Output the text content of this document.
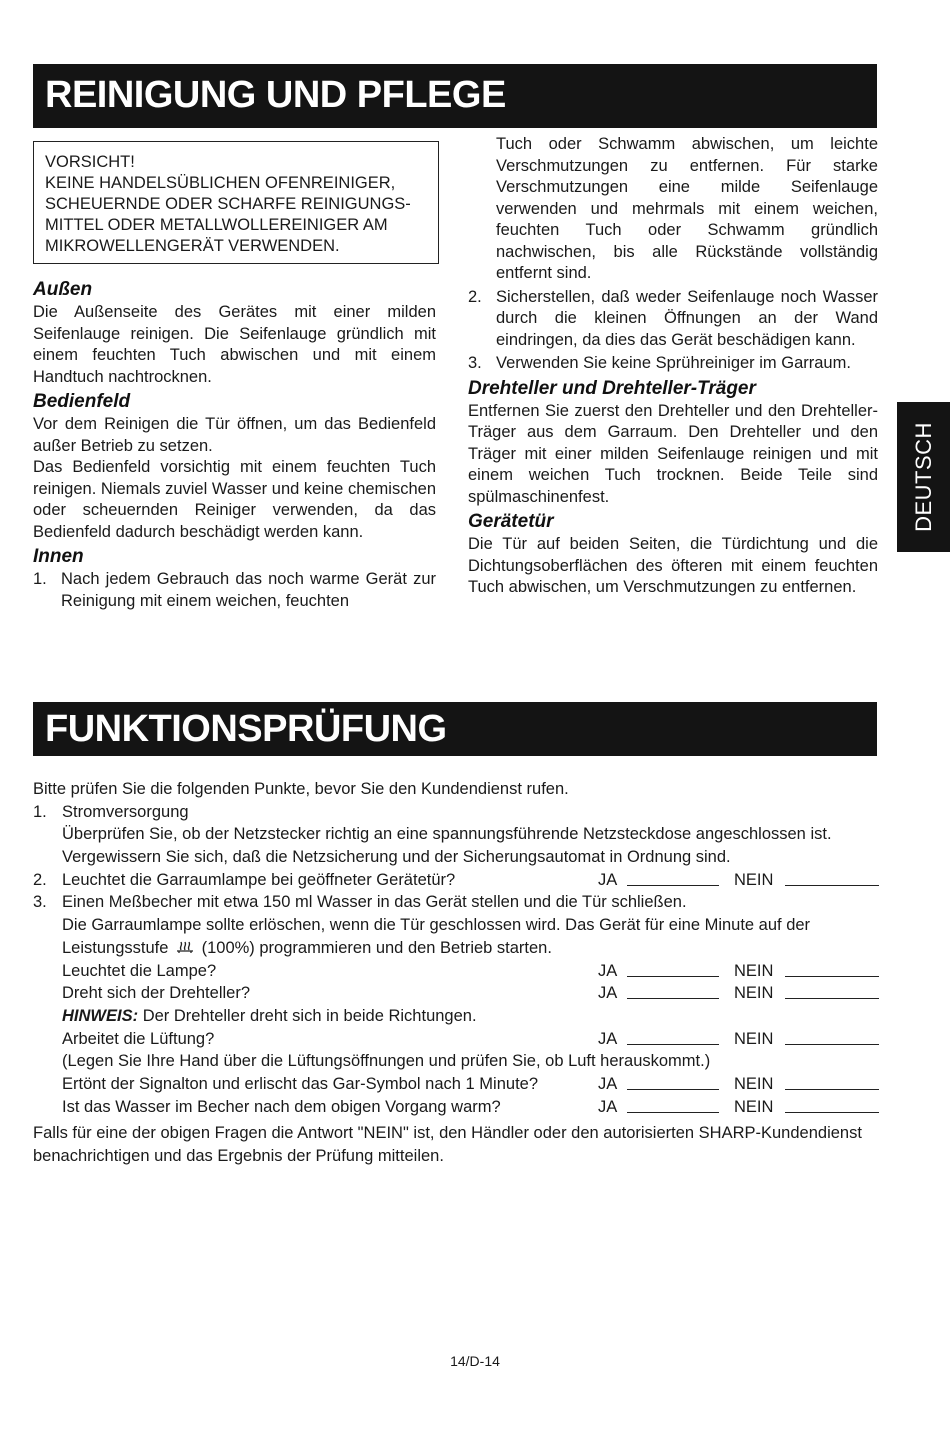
REINIGUNG UND PFLEGE
VORSICHT!
KEINE HANDELSÜBLICHEN OFENREINIGER,
SCHEUERNDE ODER SCHARFE REINIGUNGS-
MITTEL ODER METALLWOLLEREINIGER AM
MIKROWELLENGERÄT VERWENDEN.
Außen
Die Außenseite des Gerätes mit einer milden Seifenlauge reinigen. Die Seifenlauge gründlich mit einem feuchten Tuch abwischen und mit einem Handtuch nachtrocknen.
Bedienfeld
Vor dem Reinigen die Tür öffnen, um das Bedienfeld außer Betrieb zu setzen.
Das Bedienfeld vorsichtig mit einem feuchten Tuch reinigen. Niemals zuviel Wasser und keine chemischen oder scheuernden Reiniger verwenden, da das Bedienfeld dadurch beschädigt werden kann.
Innen
1. Nach jedem Gebrauch das noch warme Gerät zur Reinigung mit einem weichen, feuchten
Tuch oder Schwamm abwischen, um leichte Verschmutzungen zu entfernen. Für starke Verschmutzungen eine milde Seifenlauge verwenden und mehrmals mit einem weichen, feuchten Tuch oder Schwamm gründlich nachwischen, bis alle Rückstände vollständig entfernt sind.
2. Sicherstellen, daß weder Seifenlauge noch Wasser durch die kleinen Öffnungen an der Wand eindringen, da dies das Gerät beschädigen kann.
3. Verwenden Sie keine Sprühreiniger im Garraum.
Drehteller und Drehteller-Träger
Entfernen Sie zuerst den Drehteller und den Drehteller-Träger aus dem Garraum. Den Drehteller und den Träger mit einer milden Seifenlauge reinigen und mit einem weichen Tuch trocknen. Beide Teile sind spülmaschinenfest.
Gerätetür
Die Tür auf beiden Seiten, die Türdichtung und die Dichtungsoberflächen des öfteren mit einem feuchten Tuch abwischen, um Verschmutzungen zu entfernen.
DEUTSCH
FUNKTIONSPRÜFUNG
Bitte prüfen Sie die folgenden Punkte, bevor Sie den Kundendienst rufen.
1. Stromversorgung
Überprüfen Sie, ob der Netzstecker richtig an eine spannungsführende Netzsteckdose angeschlossen ist.
Vergewissern Sie sich, daß die Netzsicherung und der Sicherungsautomat in Ordnung sind.
2. Leuchtet die Garraumlampe bei geöffneter Gerätetür?	JA	NEIN
3. Einen Meßbecher mit etwa 150 ml Wasser in das Gerät stellen und die Tür schließen.
Die Garraumlampe sollte erlöschen, wenn die Tür geschlossen wird. Das Gerät für eine Minute auf der
Leistungsstufe (100%) programmieren und den Betrieb starten.
Leuchtet die Lampe?	JA	NEIN
Dreht sich der Drehteller?	JA	NEIN
HINWEIS: Der Drehteller dreht sich in beide Richtungen.
Arbeitet die Lüftung?	JA	NEIN
(Legen Sie Ihre Hand über die Lüftungsöffnungen und prüfen Sie, ob Luft herauskommt.)
Ertönt der Signalton und erlischt das Gar-Symbol nach 1 Minute?	JA	NEIN
Ist das Wasser im Becher nach dem obigen Vorgang warm?	JA	NEIN
Falls für eine der obigen Fragen die Antwort "NEIN" ist, den Händler oder den autorisierten SHARP-Kundendienst benachrichtigen und das Ergebnis der Prüfung mitteilen.
14/D-14
